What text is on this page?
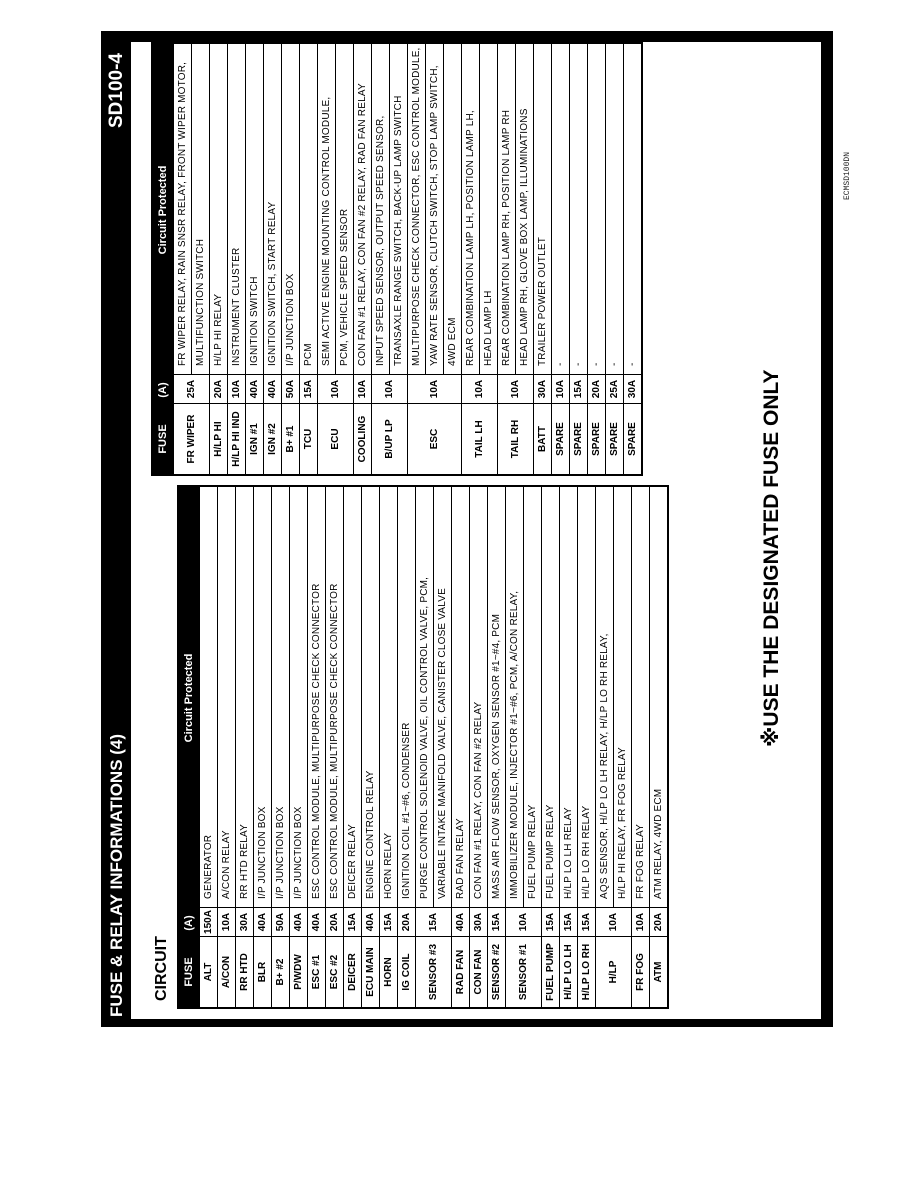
FUSE & RELAY INFORMATIONS (4)
SD100-4
CIRCUIT	FUSE
(A)
Circuit Protected
ALT
150A
GENERATOR
A/CON
10A
A/CON RELAY
RR HTD
30A
RR HTD RELAY
BLR
40A
I/P JUNCTION BOX
B+ #2
50A
I/P JUNCTION BOX
P/WDW
40A
I/P JUNCTION BOX
ESC #1
40A
ESC CONTROL MODULE, MULTIPURPOSE CHECK CONNECTOR
ESC #2
20A
ESC CONTROL MODULE, MULTIPURPOSE CHECK CONNECTOR
DEICER
15A
DEICER RELAY
ECU MAIN
40A
ENGINE CONTROL RELAY
HORN
15A
HORN RELAY
IG COIL
20A
IGNITION COIL #1~#6, CONDENSER
SENSOR #3
15A
PURGE CONTROL SOLENOID VALVE, OIL CONTROL VALVE, PCM, VARIABLE INTAKE MANIFOLD VALVE, CANISTER CLOSE VALVE
RAD FAN
40A
RAD FAN RELAY
CON FAN
30A
CON FAN #1 RELAY, CON FAN #2 RELAY
SENSOR #2
15A
MASS AIR FLOW SENSOR, OXYGEN SENSOR #1~#4, PCM
SENSOR #1
10A
IMMOBILIZER MODULE, INJECTOR #1~#6, PCM, A/CON RELAY, FUEL PUMP RELAY
FUEL PUMP
15A
FUEL PUMP RELAY
H/LP LO LH
15A
H/LP LO LH RELAY
H/LP LO RH
15A
H/LP LO RH RELAY
H/LP
10A
AQS SENSOR, H/LP LO LH RELAY, H/LP LO RH RELAY, H/LP HI RELAY, FR FOG RELAY
FR FOG
10A
FR FOG RELAY
ATM
20A
ATM RELAY, 4WD ECM
FUSE
(A)
Circuit Protected
FR WIPER
25A
FR WIPER RELAY, RAIN SNSR RELAY, FRONT WIPER MOTOR, MULTIFUNCTION SWITCH
H/LP HI
20A
H/LP HI RELAY
H/LP HI IND
10A
INSTRUMENT CLUSTER
IGN #1
40A
IGNITION SWITCH
IGN #2
40A
IGNITION SWITCH, START RELAY
B+ #1
50A
I/P JUNCTION BOX
TCU
15A
PCM
ECU
10A
SEMI ACTIVE ENGINE MOUNTING CONTROL MODULE, PCM, VEHICLE SPEED SENSOR
COOLING
10A
CON FAN #1 RELAY, CON FAN #2 RELAY, RAD FAN RELAY
B/UP LP
10A
INPUT SPEED SENSOR, OUTPUT SPEED SENSOR, TRANSAXLE RANGE SWITCH, BACK-UP LAMP SWITCH
ESC
10A
MULTIPURPOSE CHECK CONNECTOR, ESC CONTROL MODULE, YAW RATE SENSOR, CLUTCH SWITCH, STOP LAMP SWITCH, 4WD ECM
TAIL LH
10A
REAR COMBINATION LAMP LH, POSITION LAMP LH, HEAD LAMP LH
TAIL RH
10A
REAR COMBINATION LAMP RH, POSITION LAMP RH HEAD LAMP RH, GLOVE BOX LAMP, ILLUMINATIONS
BATT
30A
TRAILER POWER OUTLET
SPARE
10A
-
SPARE
15A
-
SPARE
20A
-
SPARE
25A
-
SPARE
30A
-
※USE THE DESIGNATED FUSE ONLY
ECMSD100DN
